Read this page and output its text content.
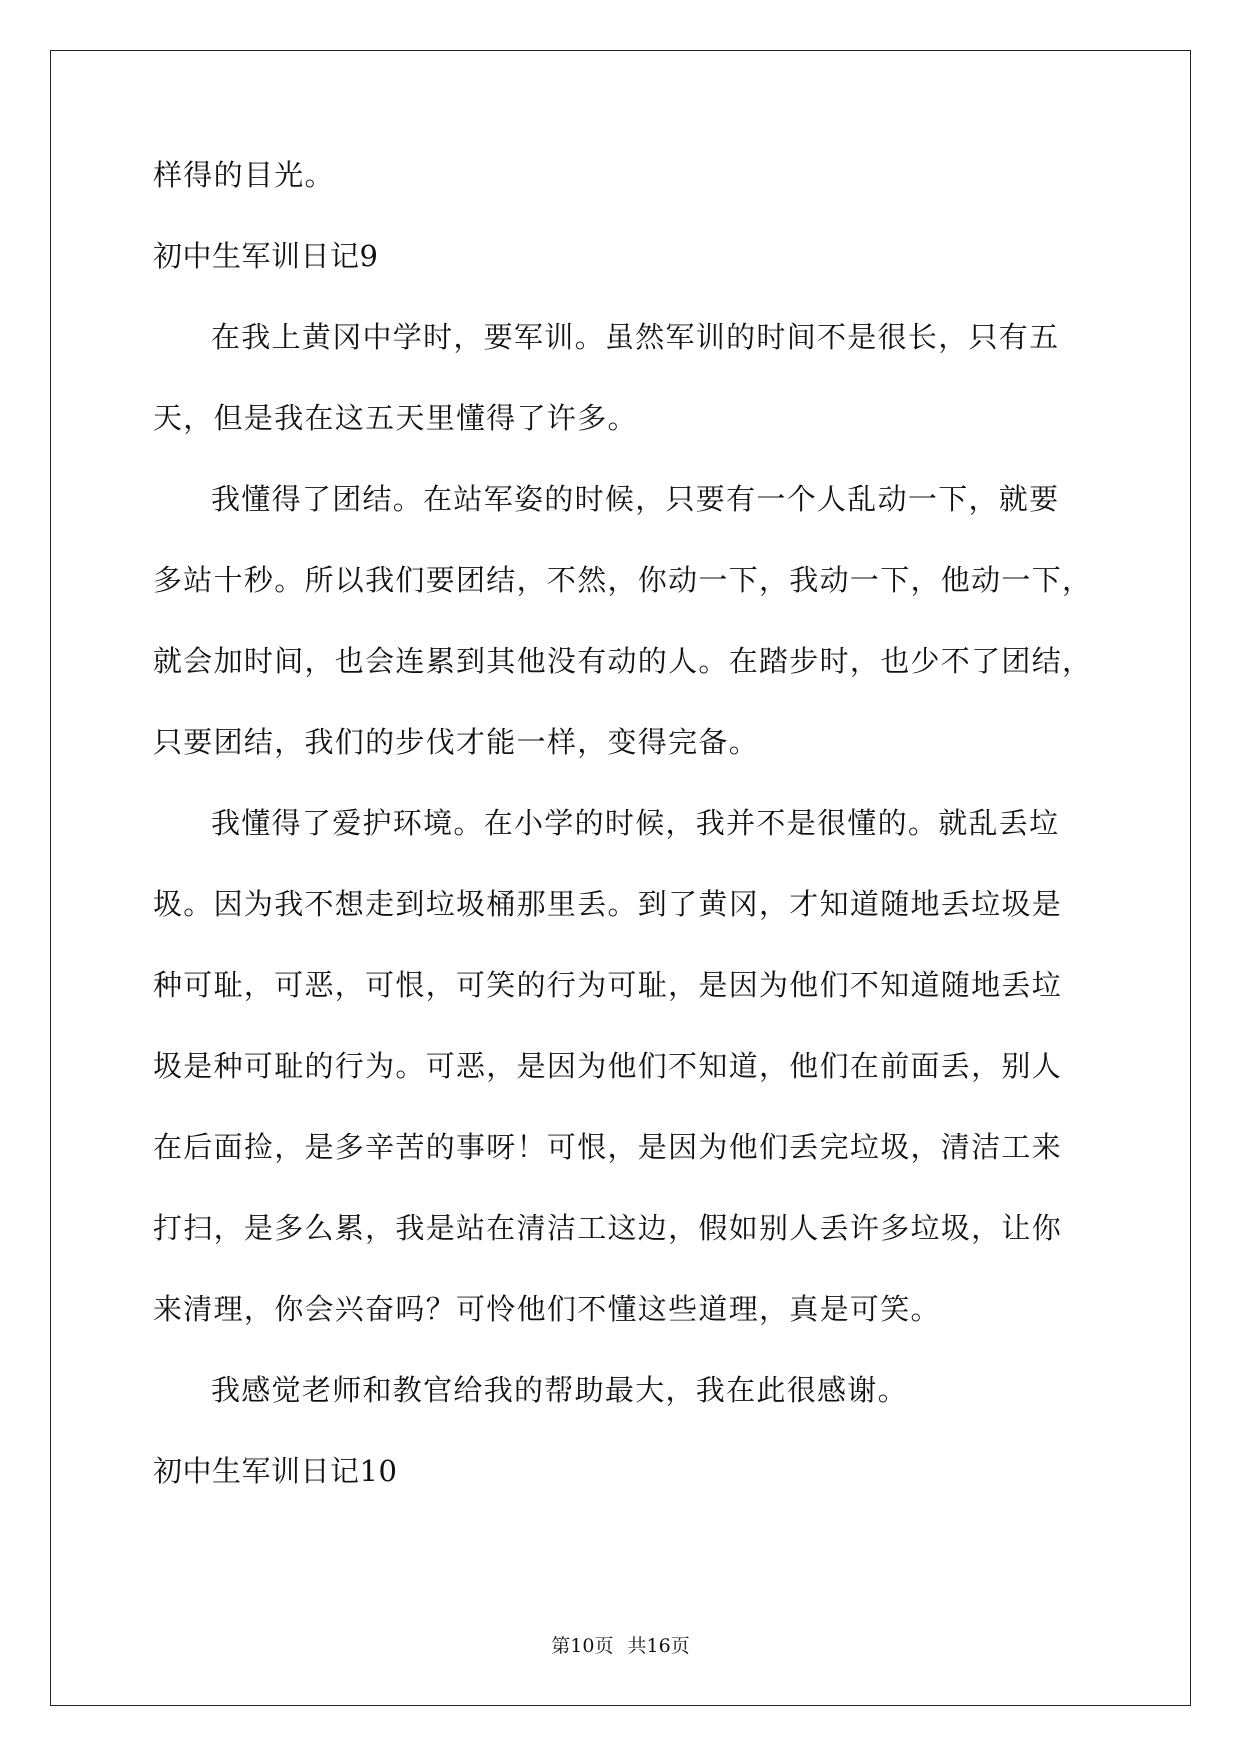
样得的目光。
初中生军训日记9
在我上黄冈中学时，要军训。虽然军训的时间不是很长，只有五
天，但是我在这五天里懂得了许多。
我懂得了团结。在站军姿的时候，只要有一个人乱动一下，就要
多站十秒。所以我们要团结，不然，你动一下，我动一下，他动一下，
就会加时间，也会连累到其他没有动的人。在踏步时，也少不了团结，
只要团结，我们的步伐才能一样，变得完备。
我懂得了爱护环境。在小学的时候，我并不是很懂的。就乱丢垃
圾。因为我不想走到垃圾桶那里丢。到了黄冈，才知道随地丢垃圾是
种可耻，可恶，可恨，可笑的行为可耻，是因为他们不知道随地丢垃
圾是种可耻的行为。可恶，是因为他们不知道，他们在前面丢，别人
在后面捡，是多辛苦的事呀！可恨，是因为他们丢完垃圾，清洁工来
打扫，是多么累，我是站在清洁工这边，假如别人丢许多垃圾，让你
来清理，你会兴奋吗？可怜他们不懂这些道理，真是可笑。
我感觉老师和教官给我的帮助最大，我在此很感谢。
初中生军训日记10
第10页 共16页
